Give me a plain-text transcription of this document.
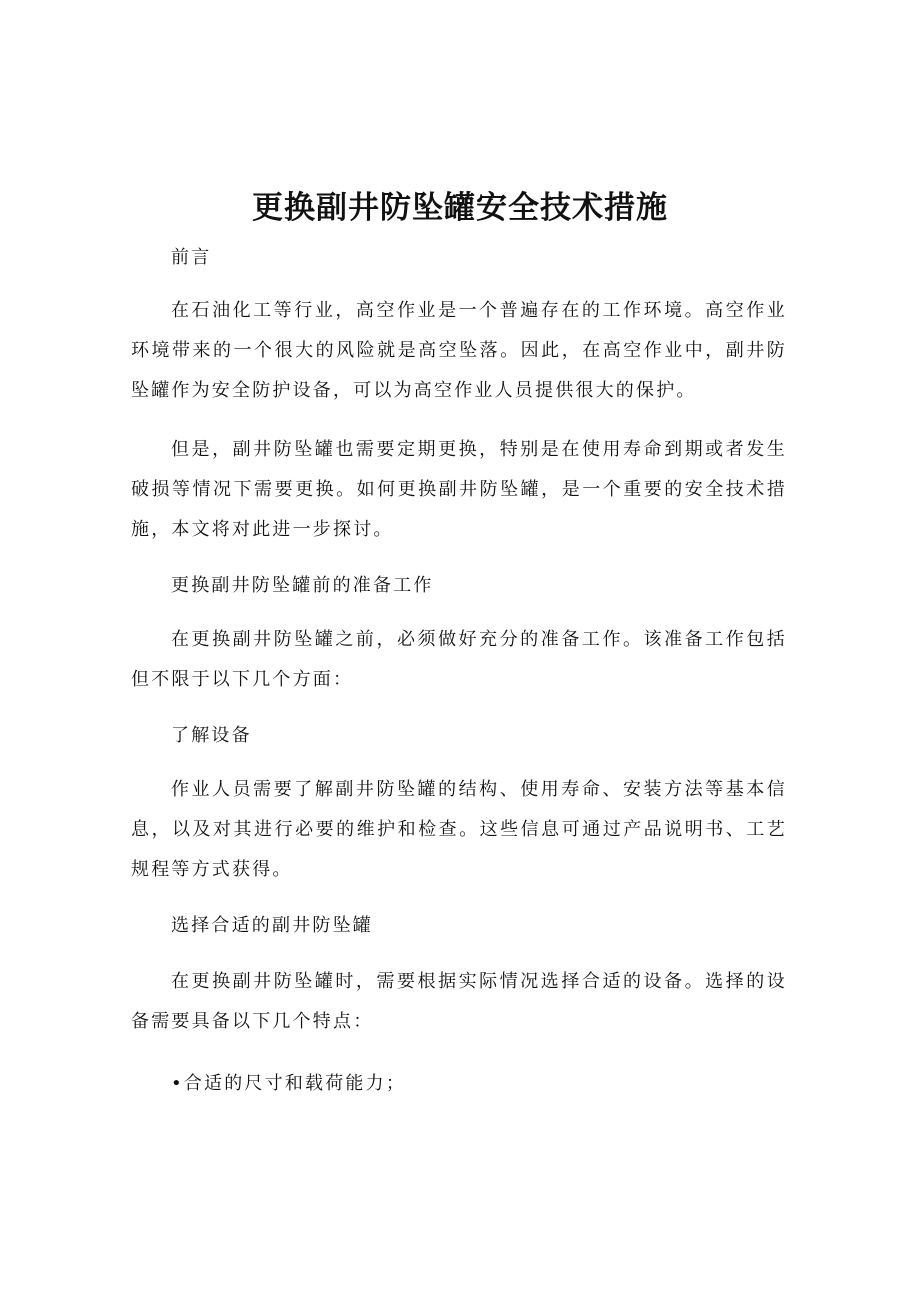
更换副井防坠罐安全技术措施

前言

在石油化工等行业，高空作业是一个普遍存在的工作环境。高空作业环境带来的一个很大的风险就是高空坠落。因此，在高空作业中，副井防坠罐作为安全防护设备，可以为高空作业人员提供很大的保护。

但是，副井防坠罐也需要定期更换，特别是在使用寿命到期或者发生破损等情况下需要更换。如何更换副井防坠罐，是一个重要的安全技术措施，本文将对此进一步探讨。

更换副井防坠罐前的准备工作

在更换副井防坠罐之前，必须做好充分的准备工作。该准备工作包括但不限于以下几个方面：

了解设备

作业人员需要了解副井防坠罐的结构、使用寿命、安装方法等基本信息，以及对其进行必要的维护和检查。这些信息可通过产品说明书、工艺规程等方式获得。

选择合适的副井防坠罐

在更换副井防坠罐时，需要根据实际情况选择合适的设备。选择的设备需要具备以下几个特点：

•合适的尺寸和载荷能力；
